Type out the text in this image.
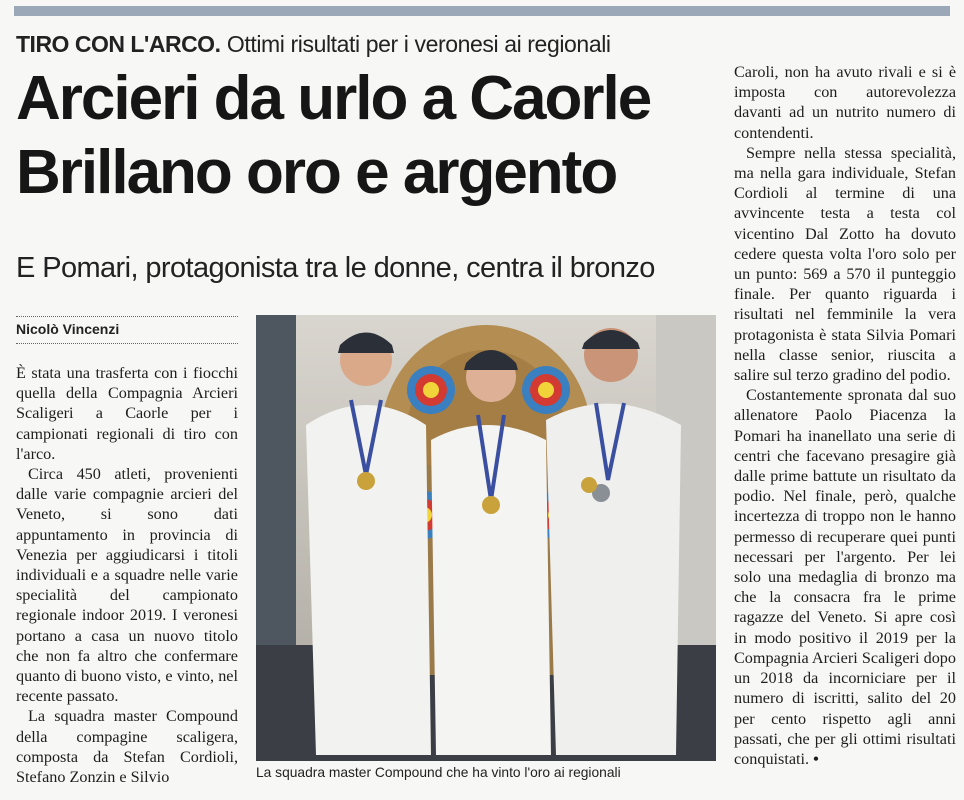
TIRO CON L'ARCO. Ottimi risultati per i veronesi ai regionali
Arcieri da urlo a Caorle
Brillano oro e argento
E Pomari, protagonista tra le donne, centra il bronzo
Nicolò Vincenzi

È stata una trasferta con i fiocchi quella della Compagnia Arcieri Scaligeri a Caorle per i campionati regionali di tiro con l'arco.

Circa 450 atleti, provenienti dalle varie compagnie arcieri del Veneto, si sono dati appuntamento in provincia di Venezia per aggiudicarsi i titoli individuali e a squadre nelle varie specialità del campionato regionale indoor 2019. I veronesi portano a casa un nuovo titolo che non fa altro che confermare quanto di buono visto, e vinto, nel recente passato.

La squadra master Compound della compagine scaligera, composta da Stefan Cordioli, Stefano Zonzin e Silvio	La squadra master Compound che ha vinto l'oro ai regionali

Caroli, non ha avuto rivali e si è imposta con autorevolezza davanti ad un nutrito numero di contendenti.

Sempre nella stessa specialità, ma nella gara individuale, Stefan Cordioli al termine di una avvincente testa a testa col vicentino Dal Zotto ha dovuto cedere questa volta l'oro solo per un punto: 569 a 570 il punteggio finale. Per quanto riguarda i risultati nel femminile la vera protagonista è stata Silvia Pomari nella classe senior, riuscita a salire sul terzo gradino del podio.

Costantemente spronata dal suo allenatore Paolo Piacenza la Pomari ha inanellato una serie di centri che facevano presagire già dalle prime battute un risultato da podio. Nel finale, però, qualche incertezza di troppo non le hanno permesso di recuperare quei punti necessari per l'argento. Per lei solo una medaglia di bronzo ma che la consacra fra le prime ragazze del Veneto. Si apre così in modo positivo il 2019 per la Compagnia Arcieri Scaligeri dopo un 2018 da incorniciare per il numero di iscritti, salito del 20 per cento rispetto agli anni passati, che per gli ottimi risultati conquistati. •
